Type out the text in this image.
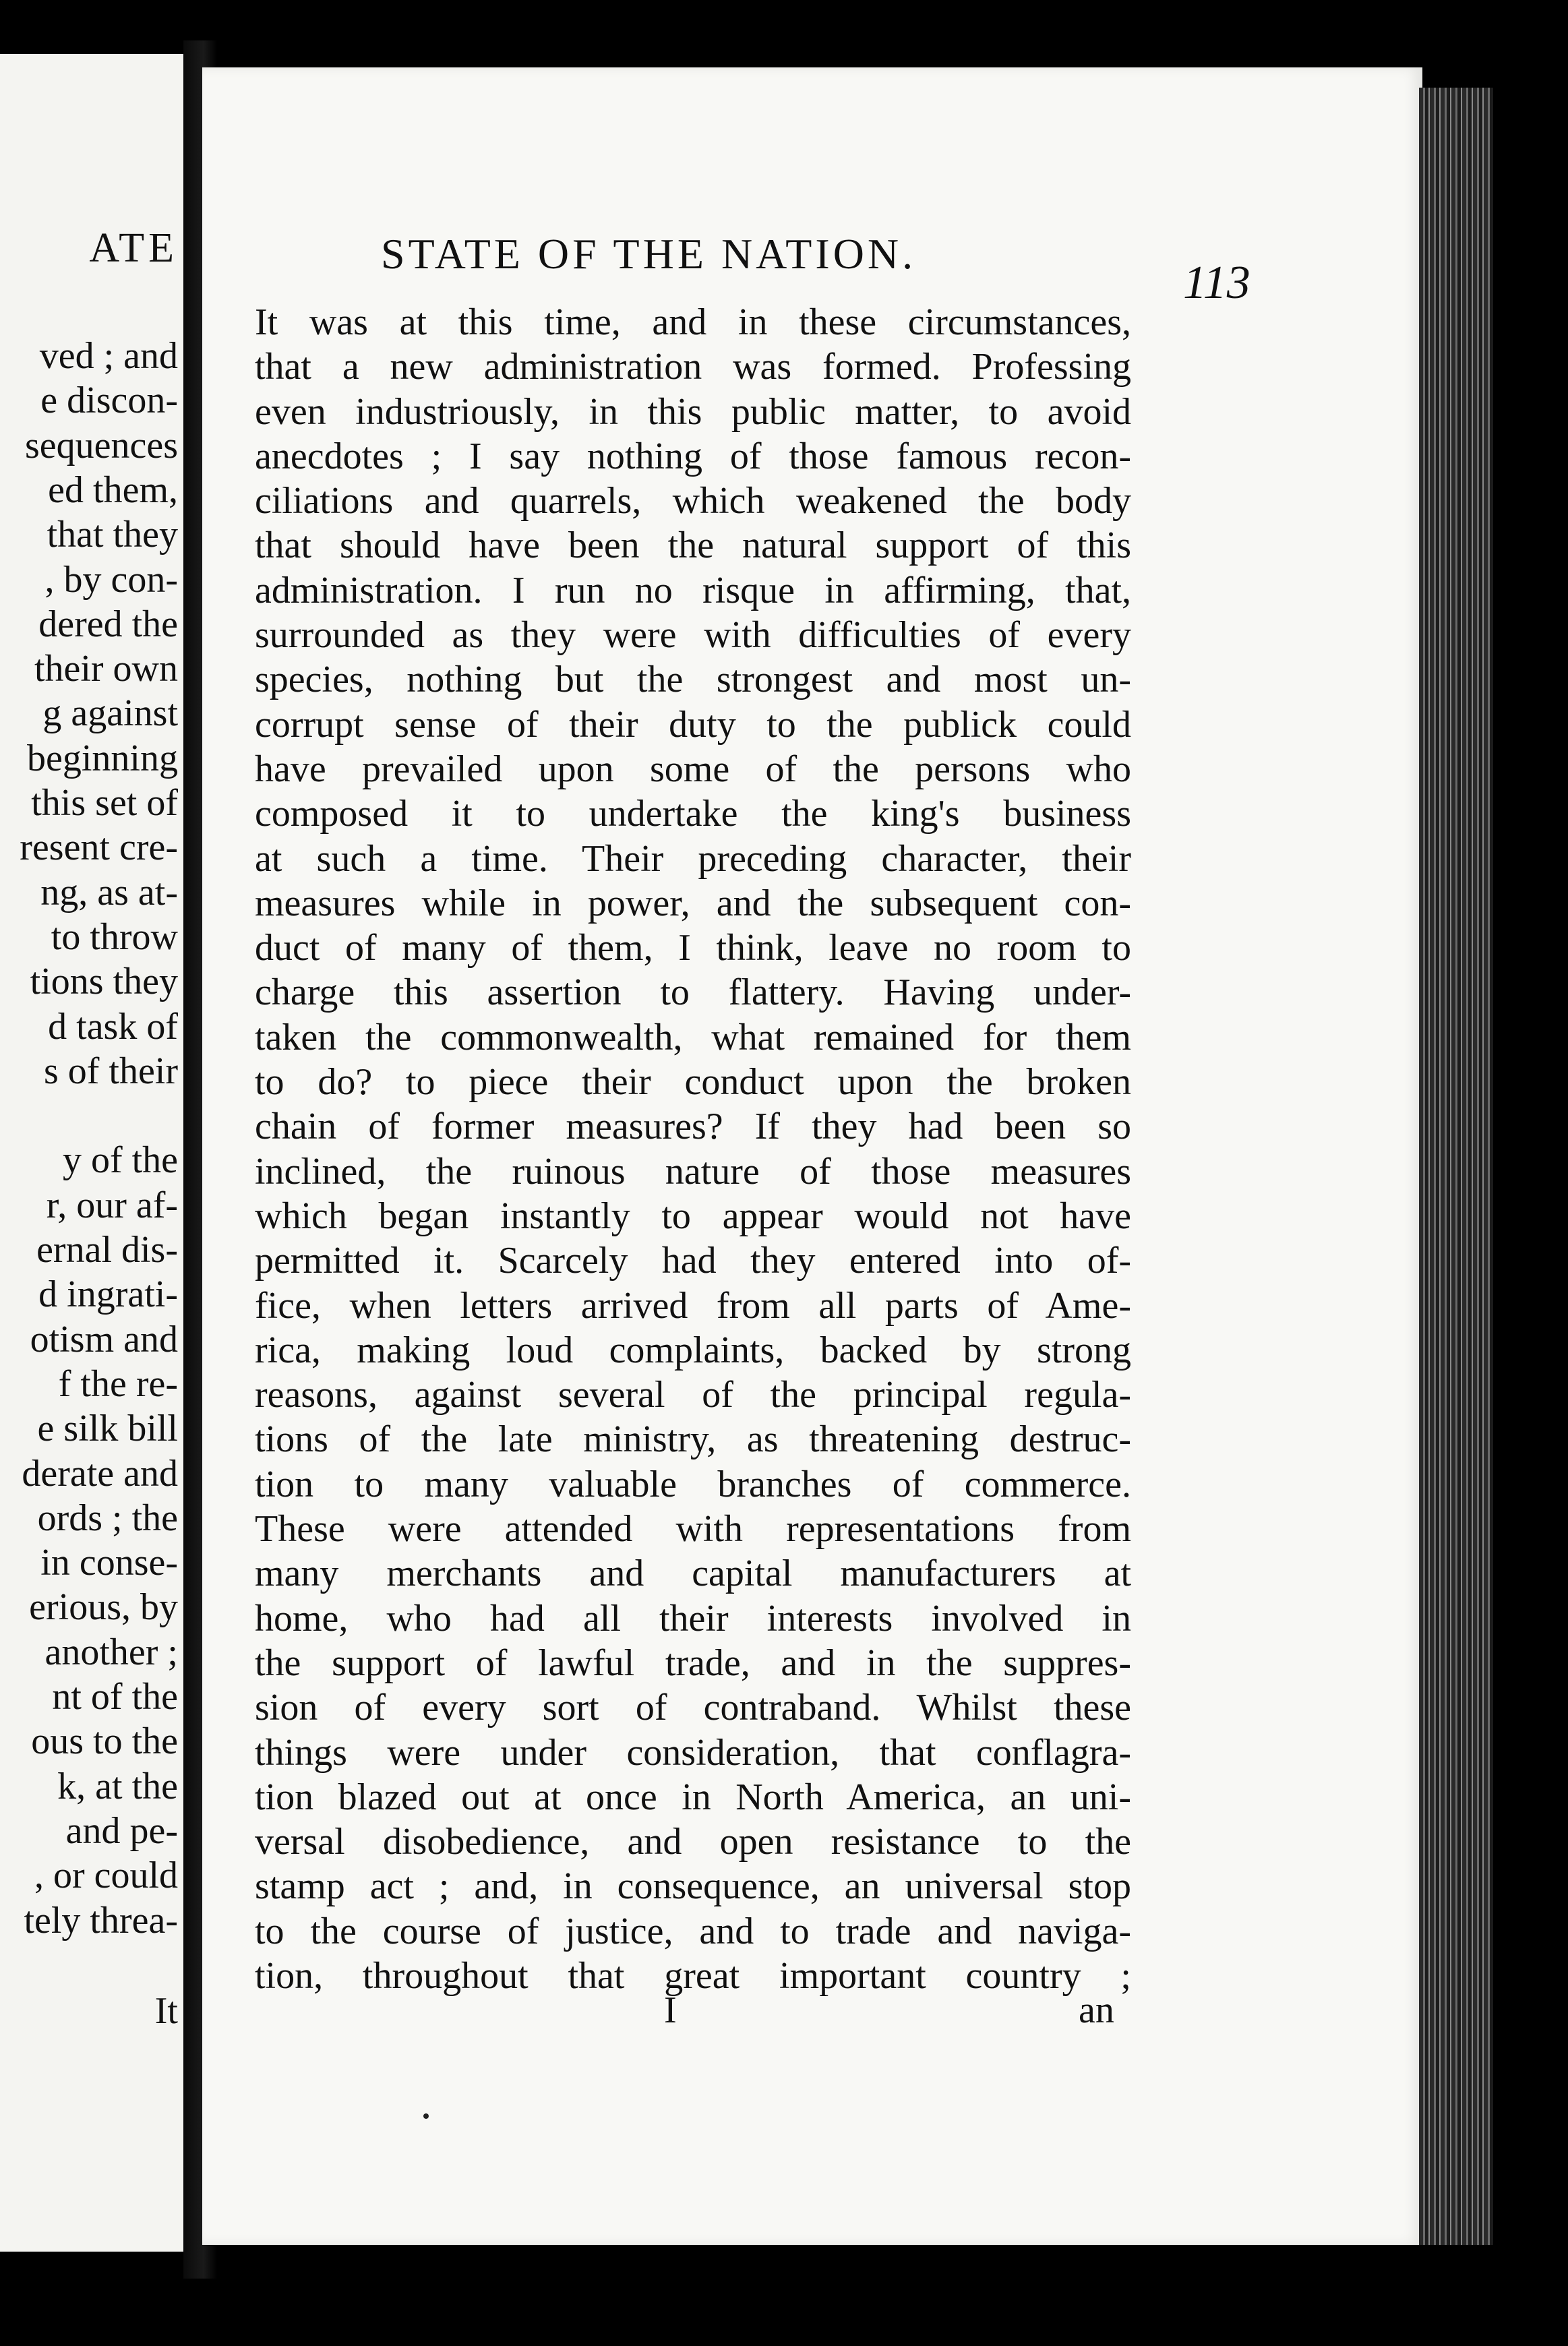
ATE
ved ; and
e discon-
sequences
ed them,
that they
, by con-
dered the
their own
g against
beginning
this set of
resent cre-
ng, as at-
to throw
tions they
d task of
s of their
y of the
r, our af-
ernal dis-
d ingrati-
otism and
f the re-
e silk bill
derate and
ords ; the
in conse-
erious, by
another ;
nt of the
ous to the
k, at the
and pe-
, or could
tely threa-
It
STATE OF THE NATION.
113
It was at this time, and in these circumstances,
that a new administration was formed. Professing
even industriously, in this public matter, to avoid
anecdotes ; I say nothing of those famous recon-
ciliations and quarrels, which weakened the body
that should have been the natural support of this
administration. I run no risque in affirming, that,
surrounded as they were with difficulties of every
species, nothing but the strongest and most un-
corrupt sense of their duty to the publick could
have prevailed upon some of the persons who
composed it to undertake the king's business
at such a time. Their preceding character, their
measures while in power, and the subsequent con-
duct of many of them, I think, leave no room to
charge this assertion to flattery. Having under-
taken the commonwealth, what remained for them
to do? to piece their conduct upon the broken
chain of former measures? If they had been so
inclined, the ruinous nature of those measures
which began instantly to appear would not have
permitted it. Scarcely had they entered into of-
fice, when letters arrived from all parts of Ame-
rica, making loud complaints, backed by strong
reasons, against several of the principal regula-
tions of the late ministry, as threatening destruc-
tion to many valuable branches of commerce.
These were attended with representations from
many merchants and capital manufacturers at
home, who had all their interests involved in
the support of lawful trade, and in the suppres-
sion of every sort of contraband. Whilst these
things were under consideration, that conflagra-
tion blazed out at once in North America, an uni-
versal disobedience, and open resistance to the
stamp act ; and, in consequence, an universal stop
to the course of justice, and to trade and naviga-
tion, throughout that great important country ;
I	an
